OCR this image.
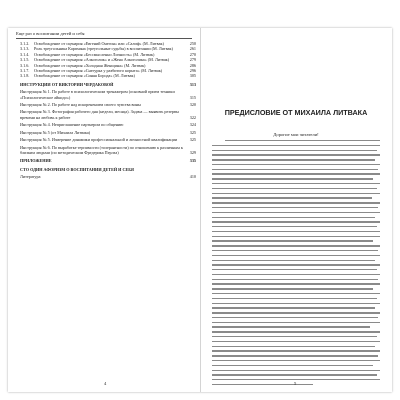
Еще раз о воспитании детей и себя
3.1.2. Освобождение от сценария «Евгений Онегин» или «Салиф» (М. Литвак)	250
3.1.3. Роль треугольника Карпмана (треугольные судьбы) в воспитании (М. Литвак)	261
3.1.4. Освобождение от сценария «Бессмысленно Личность» (М. Литвак)	270
3.1.5. Освобождение от сценария «Алкоголик» и «Жена Алкоголика» (М. Литвак)	279
3.1.6. Освобождение от сценария «Холодная Женщина» (М. Литвак)	286
3.1.7. Освобождение от сценария «Снегурка у разбитого корыта» (М. Литвак)	296
3.1.8. Освобождение от сценария «Синяя Борода» (М. Литвак)	305
ИНСТРУКЦИИ ОТ ВИКТОРИИ ЧЕРДАКОВОЙ	313
Инструкция № 1. По работе в психологическим тренажером (основной прием техники «Психологическое айкидо»)	315
Инструкция № 2. По работе над искоренением своего чувства вины	320
Инструкция № 3. Фотография рабочего дня (недели, месяца). Задача — выявить резервы времени на любовь к работе	322
Инструкция № 4. Неприглашение партнером по общению	324
Инструкция № 5 (от Михаила Литвака)	325
Инструкция № 5. Измерение динамики профессиональной и личностной квалификации	325
Инструкция № 6. По выработке терпимости (толерантности) по отношению к различным к близким людьми (по методическим Фредерика Перлза)	329
ПРИЛОЖЕНИЕ	335
СТО ОДИН АФОРИЗМ О ВОСПИТАНИИ ДЕТЕЙ И СЕБЯ
Литература	410
4
ПРЕДИСЛОВИЕ ОТ МИХАИЛА ЛИТВАКА
Дорогие мои читатели!
5
